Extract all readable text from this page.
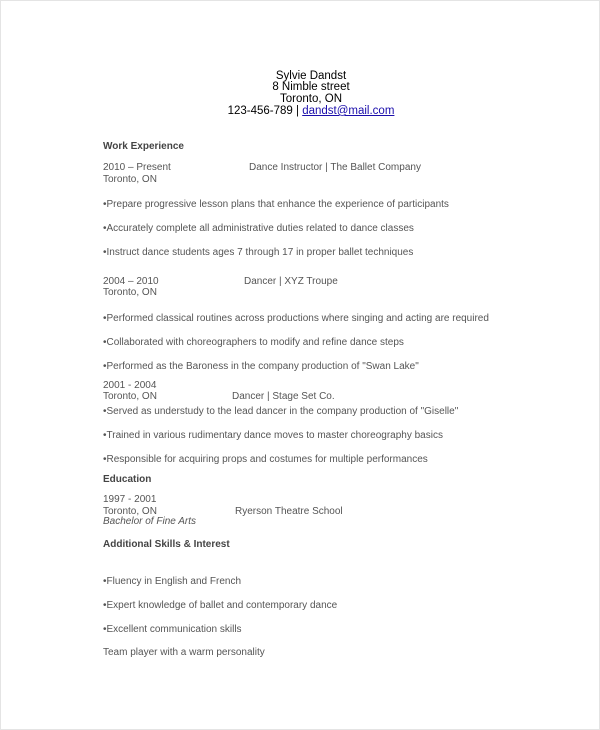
Sylvie Dandst
8 Nimble street
Toronto, ON
123-456-789 | dandst@mail.com
Work Experience
2010 – Present	Dance Instructor | The Ballet Company
Toronto, ON
•Prepare progressive lesson plans that enhance the experience of participants
•Accurately complete all administrative duties related to dance classes
•Instruct dance students ages 7 through 17 in proper ballet techniques
2004 – 2010	Dancer | XYZ Troupe
Toronto, ON
•Performed classical routines across productions where singing and acting are required
•Collaborated with choreographers to modify and refine dance steps
•Performed as the Baroness in the company production of "Swan Lake"
2001 - 2004
Toronto, ON	Dancer | Stage Set Co.
•Served as understudy to the lead dancer in the company production of "Giselle"
•Trained in various rudimentary dance moves to master choreography basics
•Responsible for acquiring props and costumes for multiple performances
Education
1997 - 2001
Toronto, ON	Ryerson Theatre School
Bachelor of Fine Arts
Additional Skills & Interest
•Fluency in English and French
•Expert knowledge of ballet and contemporary dance
•Excellent communication skills
Team player with a warm personality
